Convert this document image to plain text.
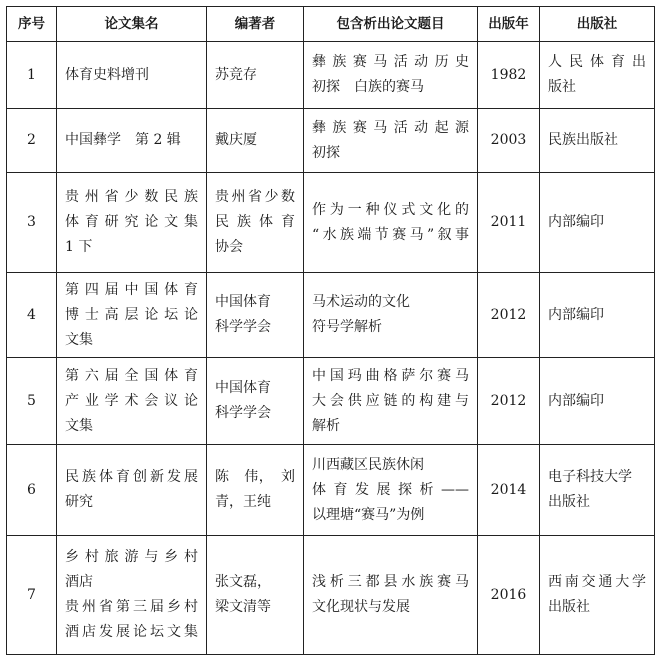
序号	论文集名	编著者	包含析出论文题目	出版年	出版社
1	体育史料增刊	苏竞存	彝族赛马活动历史
初探　白族的赛马	1982	人民体育出
版社

2	中国彝学　第 2 辑	戴庆厦	彝族赛马活动起源
初探	2003	民族出版社

3	贵州省少数民族
体育研究论文集
1 下	贵州省少数
民族体育
协会	作为一种仪式文化的
“水族端节赛马”叙事	2011	内部编印

4	第四届中国体育
博士高层论坛论
文集	中国体育
科学学会	马术运动的文化
符号学解析	2012	内部编印

5	第六届全国体育
产业学术会议论
文集	中国体育
科学学会	中国玛曲格萨尔赛马
大会供应链的构建与
解析	2012	内部编印

6	民族体育创新发展
研究	陈　伟，　刘
青，王纯	川西藏区民族休闲
体育发展探析——
以理塘“赛马”为例	2014	电子科技大学
出版社

7	乡村旅游与乡村
酒店
贵州省第三届乡村
酒店发展论坛文集	张文磊，
梁文清等	浅析三都县水族赛马
文化现状与发展	2016	西南交通大学
出版社
